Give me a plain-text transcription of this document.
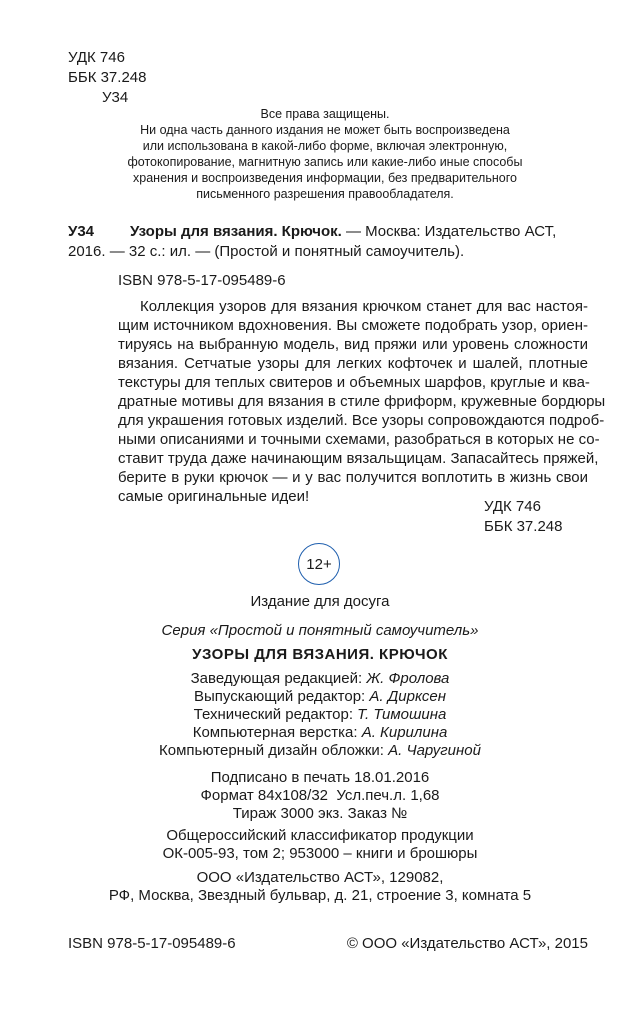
УДК 746
ББК 37.248
У34
Все права защищены.
Ни одна часть данного издания не может быть воспроизведена
или использована в какой-либо форме, включая электронную,
фотокопирование, магнитную запись или какие-либо иные способы
хранения и воспроизведения информации, без предварительного
письменного разрешения правообладателя.
У34	Узоры для вязания. Крючок. — Москва: Издательство АСТ,
2016. — 32 с.: ил. — (Простой и понятный самоучитель).
ISBN 978-5-17-095489-6
Коллекция узоров для вязания крючком станет для вас настоя-
щим источником вдохновения. Вы сможете подобрать узор, ориен-
тируясь на выбранную модель, вид пряжи или уровень сложности
вязания. Сетчатые узоры для легких кофточек и шалей, плотные
текстуры для теплых свитеров и объемных шарфов, круглые и ква-
дратные мотивы для вязания в стиле фриформ, кружевные бордюры
для украшения готовых изделий. Все узоры сопровождаются подроб-
ными описаниями и точными схемами, разобраться в которых не со-
ставит труда даже начинающим вязальщицам. Запасайтесь пряжей,
берите в руки крючок — и у вас получится воплотить в жизнь свои
самые оригинальные идеи!
УДК 746
ББК 37.248
12+
Издание для досуга
Серия «Простой и понятный самоучитель»
УЗОРЫ ДЛЯ ВЯЗАНИЯ. КРЮЧОК
Заведующая редакцией: Ж. Фролова
Выпускающий редактор: А. Дирксен
Технический редактор: Т. Тимошина
Компьютерная верстка: А. Кирилина
Компьютерный дизайн обложки: А. Чаругиной
Подписано в печать 18.01.2016
Формат 84x108/32  Усл.печ.л. 1,68
Тираж 3000 экз. Заказ №
Общероссийский классификатор продукции
ОК-005-93, том 2; 953000 – книги и брошюры
ООО «Издательство АСТ», 129082,
РФ, Москва, Звездный бульвар, д. 21, строение 3, комната 5
ISBN 978-5-17-095489-6	© ООО «Издательство АСТ», 2015
